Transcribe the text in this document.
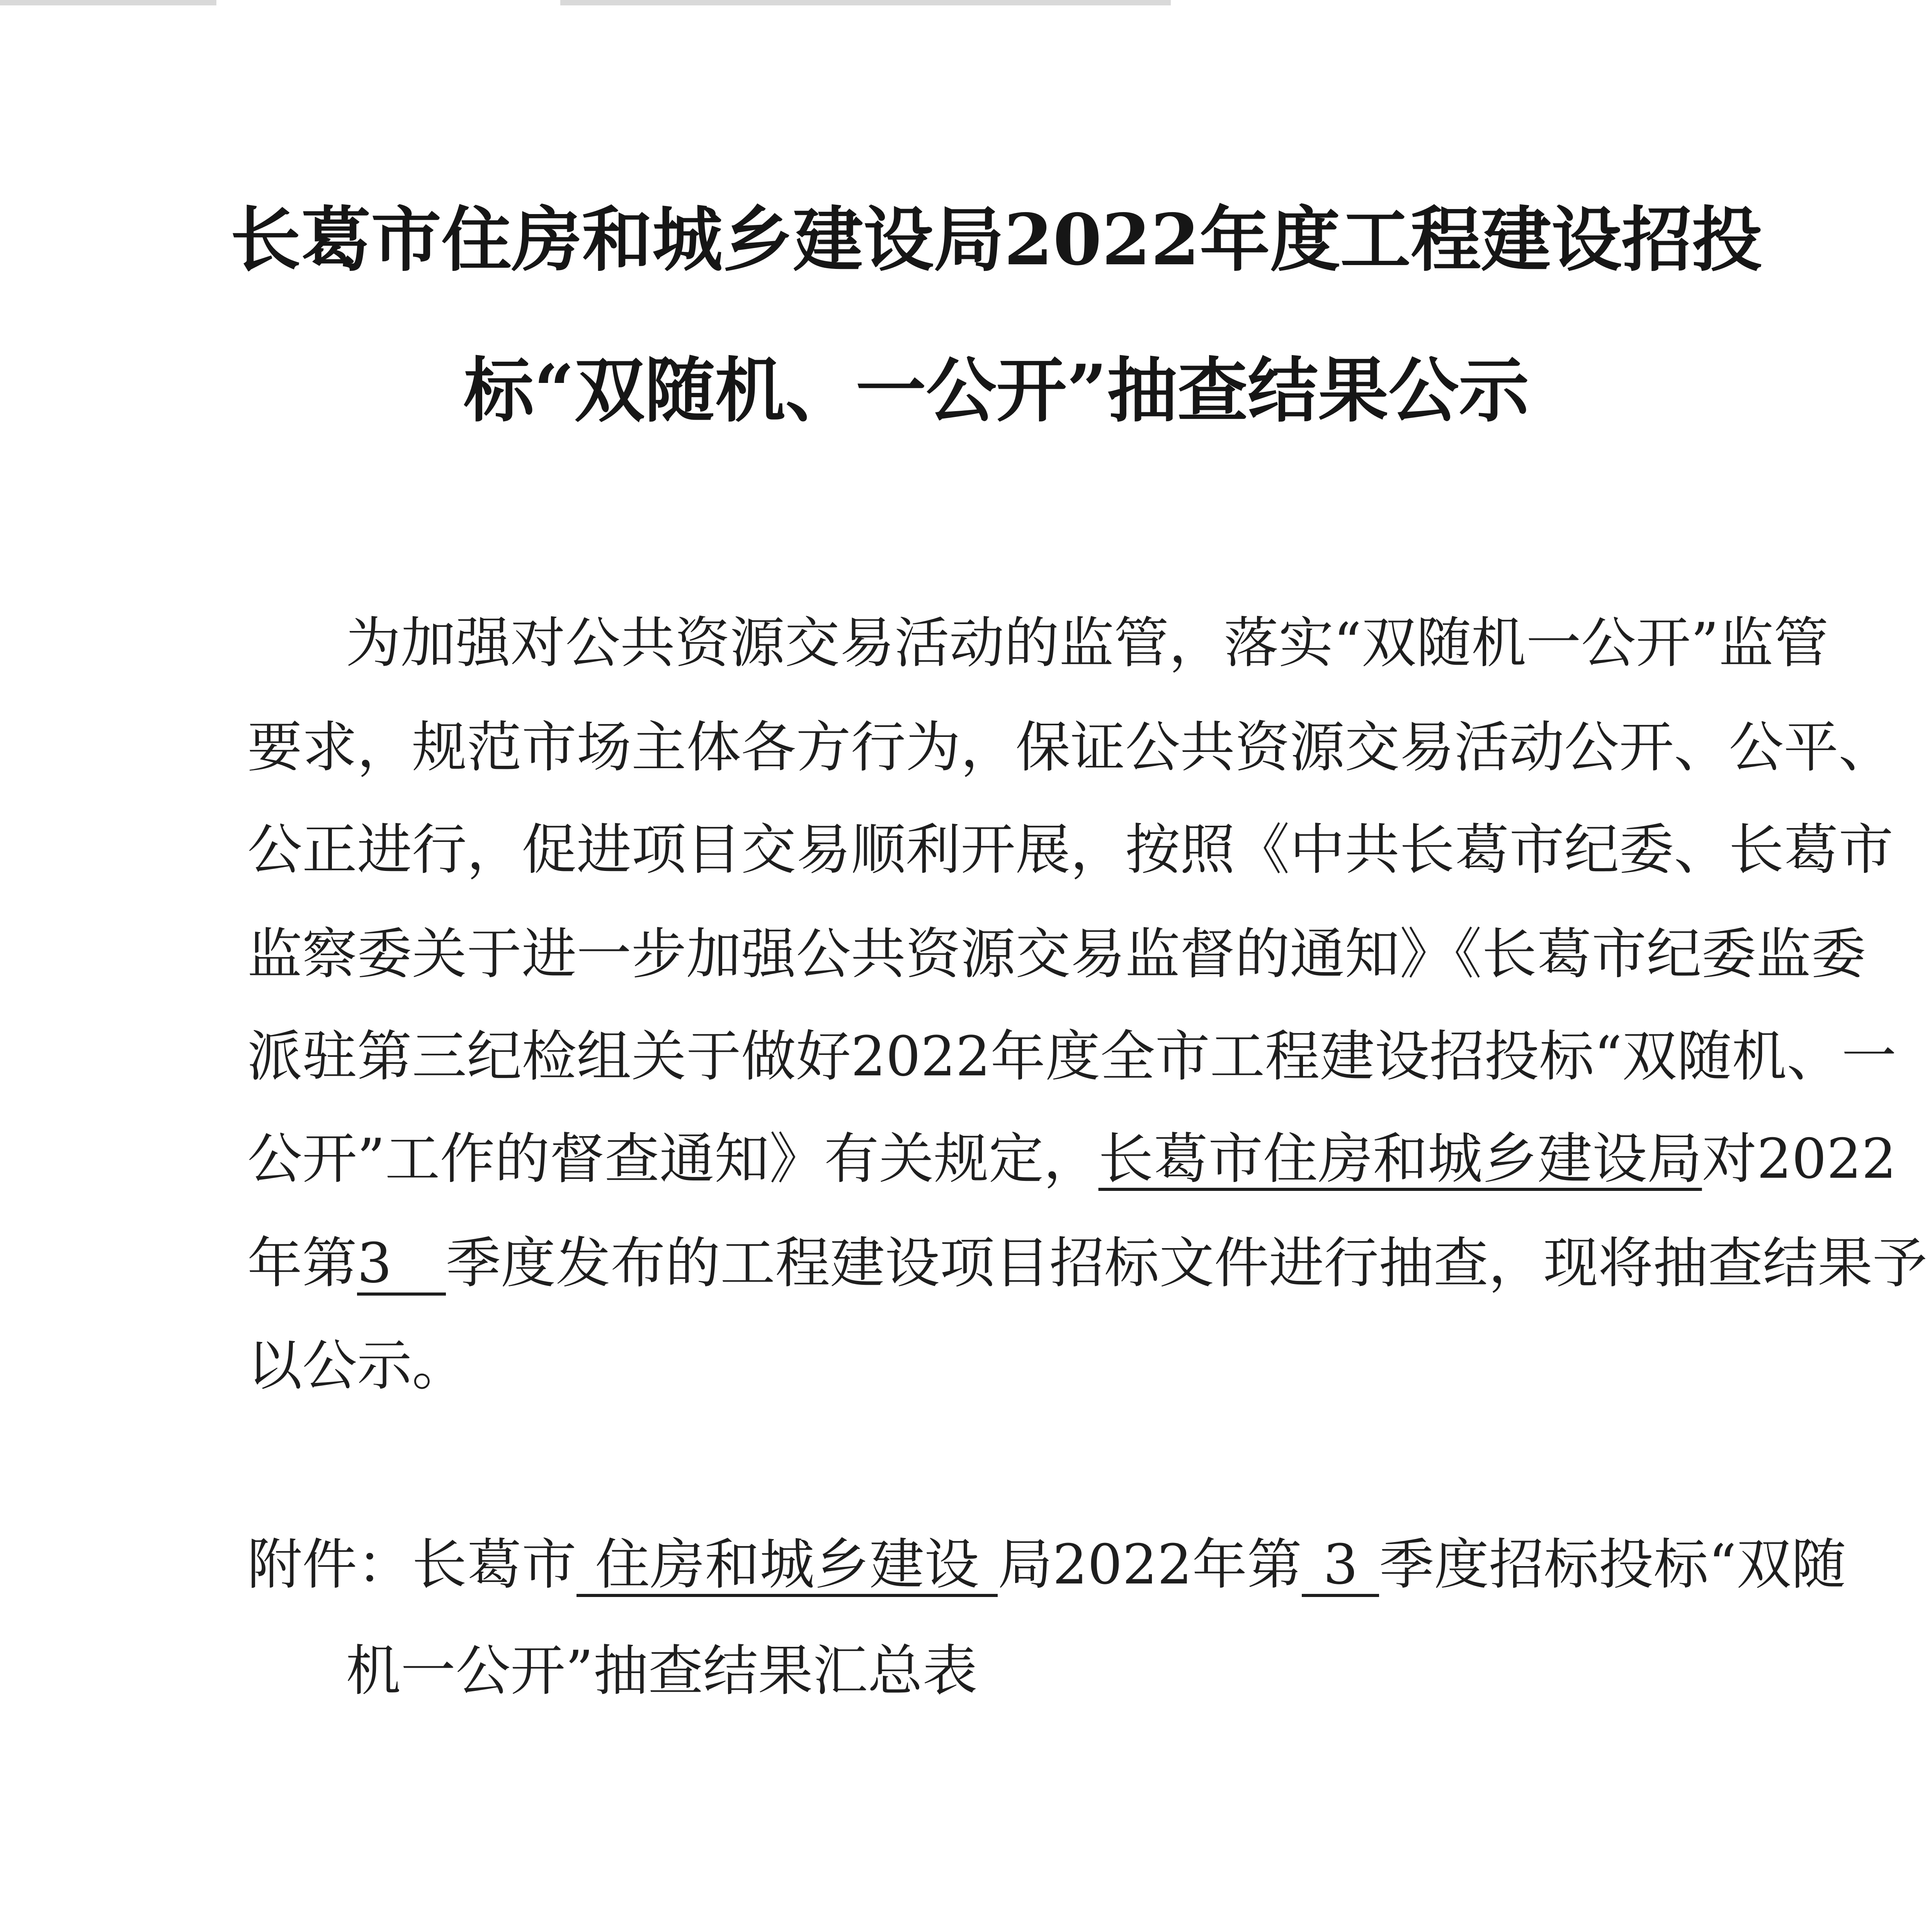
长葛市住房和城乡建设局2022年度工程建设招投
标“双随机、一公开”抽查结果公示
为加强对公共资源交易活动的监管，落实“双随机一公开”监管
要求，规范市场主体各方行为，保证公共资源交易活动公开、公平、
公正进行，促进项目交易顺利开展，按照《中共长葛市纪委、长葛市
监察委关于进一步加强公共资源交易监督的通知》《长葛市纪委监委
派驻第三纪检组关于做好2022年度全市工程建设招投标“双随机、一
公开”工作的督查通知》有关规定，长葛市住房和城乡建设局对2022
年第3 季度发布的工程建设项目招标文件进行抽查，现将抽查结果予
以公示。
附件：长葛市 住房和城乡建设 局2022年第 3 季度招标投标“双随
机一公开”抽查结果汇总表
